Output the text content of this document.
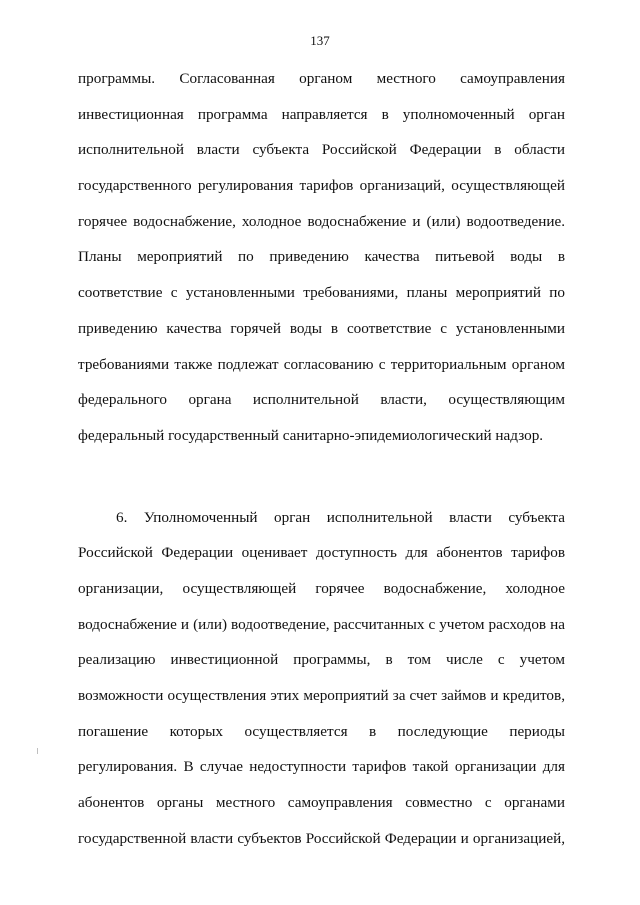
137
программы. Согласованная органом местного самоуправления
инвестиционная программа направляется в уполномоченный орган
исполнительной власти субъекта Российской Федерации в области
государственного регулирования тарифов организаций, осуществляющей
горячее водоснабжение, холодное водоснабжение и (или) водоотведение.
Планы мероприятий по приведению качества питьевой воды в
соответствие с установленными требованиями, планы мероприятий по
приведению качества горячей воды в соответствие с установленными
требованиями также подлежат согласованию с территориальным органом
федерального органа исполнительной власти, осуществляющим
федеральный государственный санитарно-эпидемиологический надзор.
6. Уполномоченный орган исполнительной власти субъекта
Российской Федерации оценивает доступность для абонентов тарифов
организации, осуществляющей горячее водоснабжение, холодное
водоснабжение и (или) водоотведение, рассчитанных с учетом расходов на
реализацию инвестиционной программы, в том числе с учетом
возможности осуществления этих мероприятий за счет займов и кредитов,
погашение которых осуществляется в последующие периоды
регулирования. В случае недоступности тарифов такой организации для
абонентов органы местного самоуправления совместно с органами
государственной власти субъектов Российской Федерации и организацией,
